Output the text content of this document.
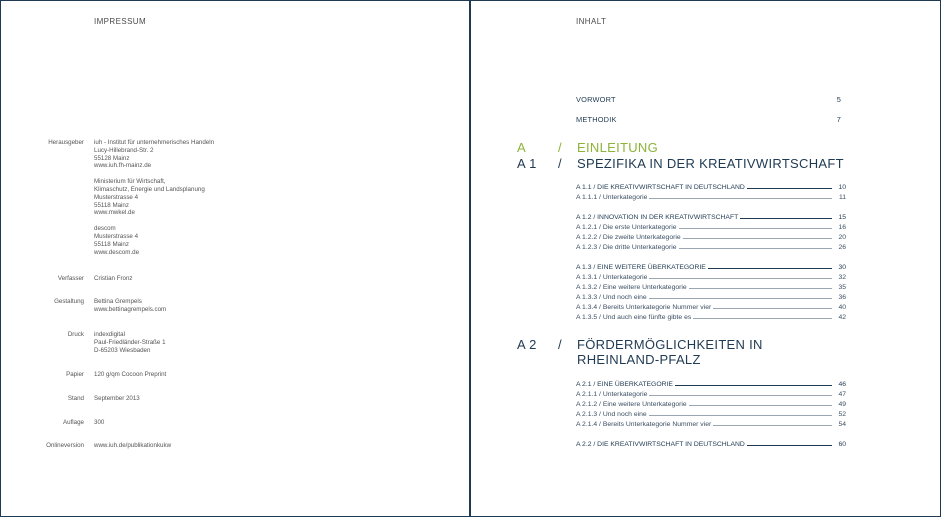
IMPRESSUM
Herausgeber iuh - Institut für unternehmerisches Handeln
Lucy-Hillebrand-Str. 2
55128 Mainz
www.iuh.fh-mainz.de
Ministerium für Wirtschaft,
Klimaschutz, Energie und Landsplanung
Musterstrasse 4
55118 Mainz
www.mwkel.de
descom
Musterstrasse 4
55118 Mainz
www.descom.de
Verfasser Cristian Fronz
Gestaltung Bettina Grempels
www.bettinagrempels.com
Druck indexdigital
Paul-Friedländer-Straße 1
D-65203 Wiesbaden
Papier 120 g/qm Cocoon Preprint
Stand September 2013
Auflage 300
Onlineversion www.iuh.de/publikationkukw
INHALT
VORWORT	5
METHODIK	7
A / EINLEITUNG
A 1 / SPEZIFIKA IN DER KREATIVWIRTSCHAFT
A 1.1 / DIE KREATIVWIRTSCHAFT IN DEUTSCHLAND	10
A 1.1.1 / Unterkategorie	11
A 1.2 / INNOVATION IN DER KREATIVWIRTSCHAFT	15
A 1.2.1 / Die erste Unterkategorie	16
A 1.2.2 / Die zweite Unterkategorie	20
A 1.2.3 / Die dritte Unterkategorie	26
A 1.3 / EINE WEITERE ÜBERKATEGORIE	30
A 1.3.1 / Unterkategorie	32
A 1.3.2 / Eine weitere Unterkategorie	35
A 1.3.3 / Und noch eine	36
A 1.3.4 / Bereits Unterkategorie Nummer vier	40
A 1.3.5 / Und auch eine fünfte gibte es	42
A 2 / FÖRDERMÖGLICHKEITEN IN RHEINLAND-PFALZ
A 2.1 / EINE ÜBERKATEGORIE	46
A 2.1.1 / Unterkategorie	47
A 2.1.2 / Eine weitere Unterkategorie	49
A 2.1.3 / Und noch eine	52
A 2.1.4 / Bereits Unterkategorie Nummer vier	54
A 2.2 / DIE KREATIVWIRTSCHAFT IN DEUTSCHLAND	60
